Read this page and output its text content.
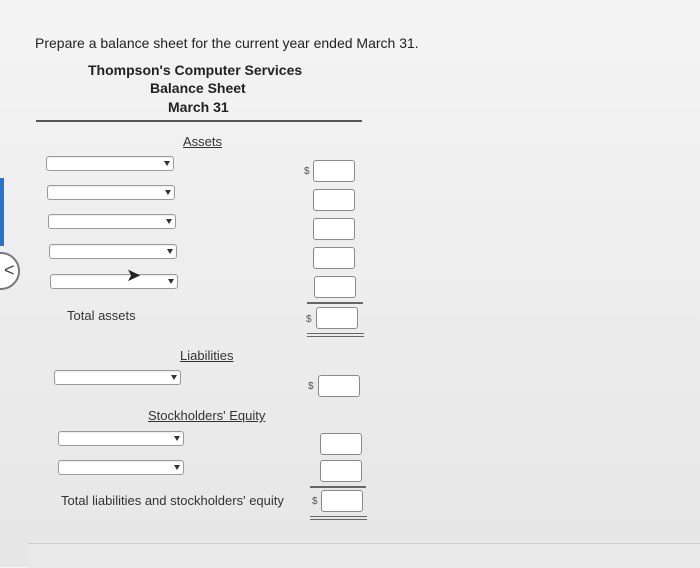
<
Prepare a balance sheet for the current year ended March 31.
Thompson's Computer Services
Balance Sheet
March 31
Assets
➤
$
Total assets	$
Liabilities
$
Stockholders' Equity
Total liabilities and stockholders' equity	$
